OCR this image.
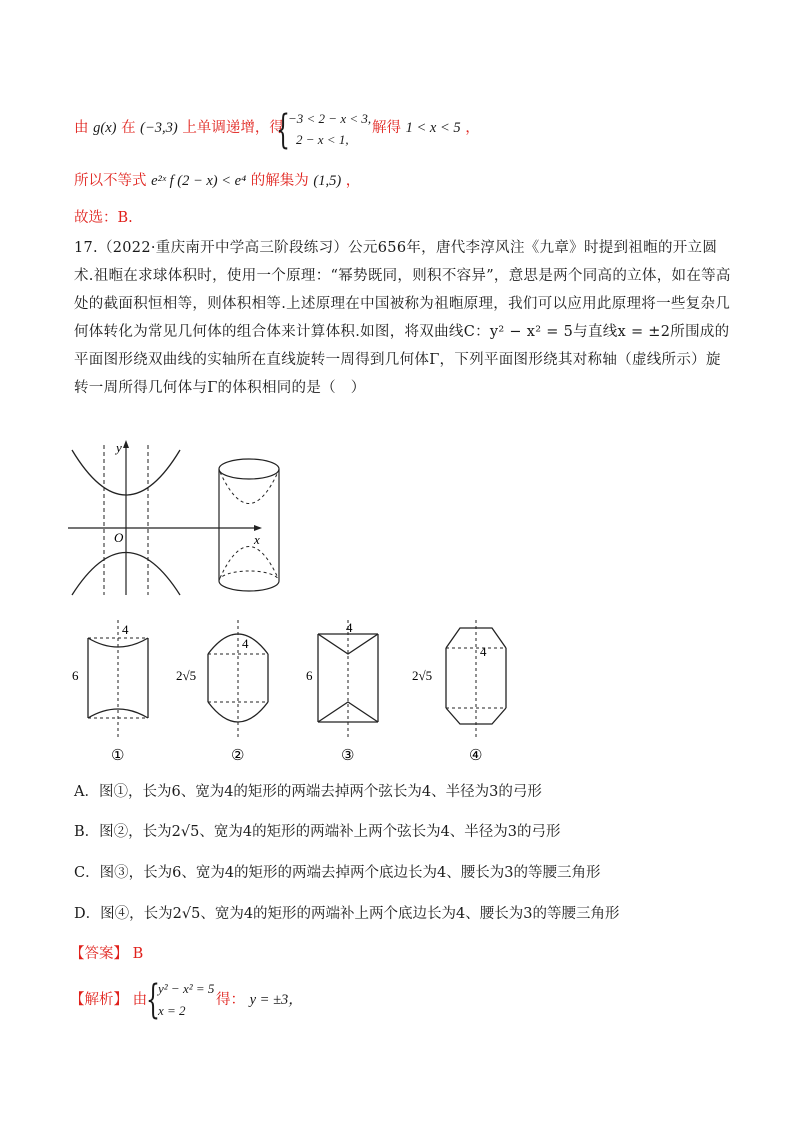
由 g(x) 在 (−3,3) 上单调递增，得
{
−3 < 2 − x < 3,
2 − x < 1,
解得 1 < x < 5 ，
所以不等式 e²ˣ f (2 − x) < e⁴ 的解集为 (1,5) ，
故选：B.
17.（2022·重庆南开中学高三阶段练习）公元656年，唐代李淳风注《九章》时提到祖暅的开立圆术.祖暅在求球体积时，使用一个原理：“幂势既同，则积不容异”，意思是两个同高的立体，如在等高处的截面积恒相等，则体积相等.上述原理在中国被称为祖暅原理，我们可以应用此原理将一些复杂几何体转化为常见几何体的组合体来计算体积.如图，将双曲线C：y² − x² = 5与直线x = ±2所围成的平面图形绕双曲线的实轴所在直线旋转一周得到几何体Γ，下列平面图形绕其对称轴（虚线所示）旋转一周所得几何体与Γ的体积相同的是（　）
y
x
O
4
6
①
4
2√5
②
4
6
③
4
2√5
④
A．图①，长为6、宽为4的矩形的两端去掉两个弦长为4、半径为3的弓形
B．图②，长为2√5、宽为4的矩形的两端补上两个弦长为4、半径为3的弓形
C．图③，长为6、宽为4的矩形的两端去掉两个底边长为4、腰长为3的等腰三角形
D．图④，长为2√5、宽为4的矩形的两端补上两个底边长为4、腰长为3的等腰三角形
【答案】 B
【解析】 由
{
y² − x² = 5
x = 2
得： y = ±3，
